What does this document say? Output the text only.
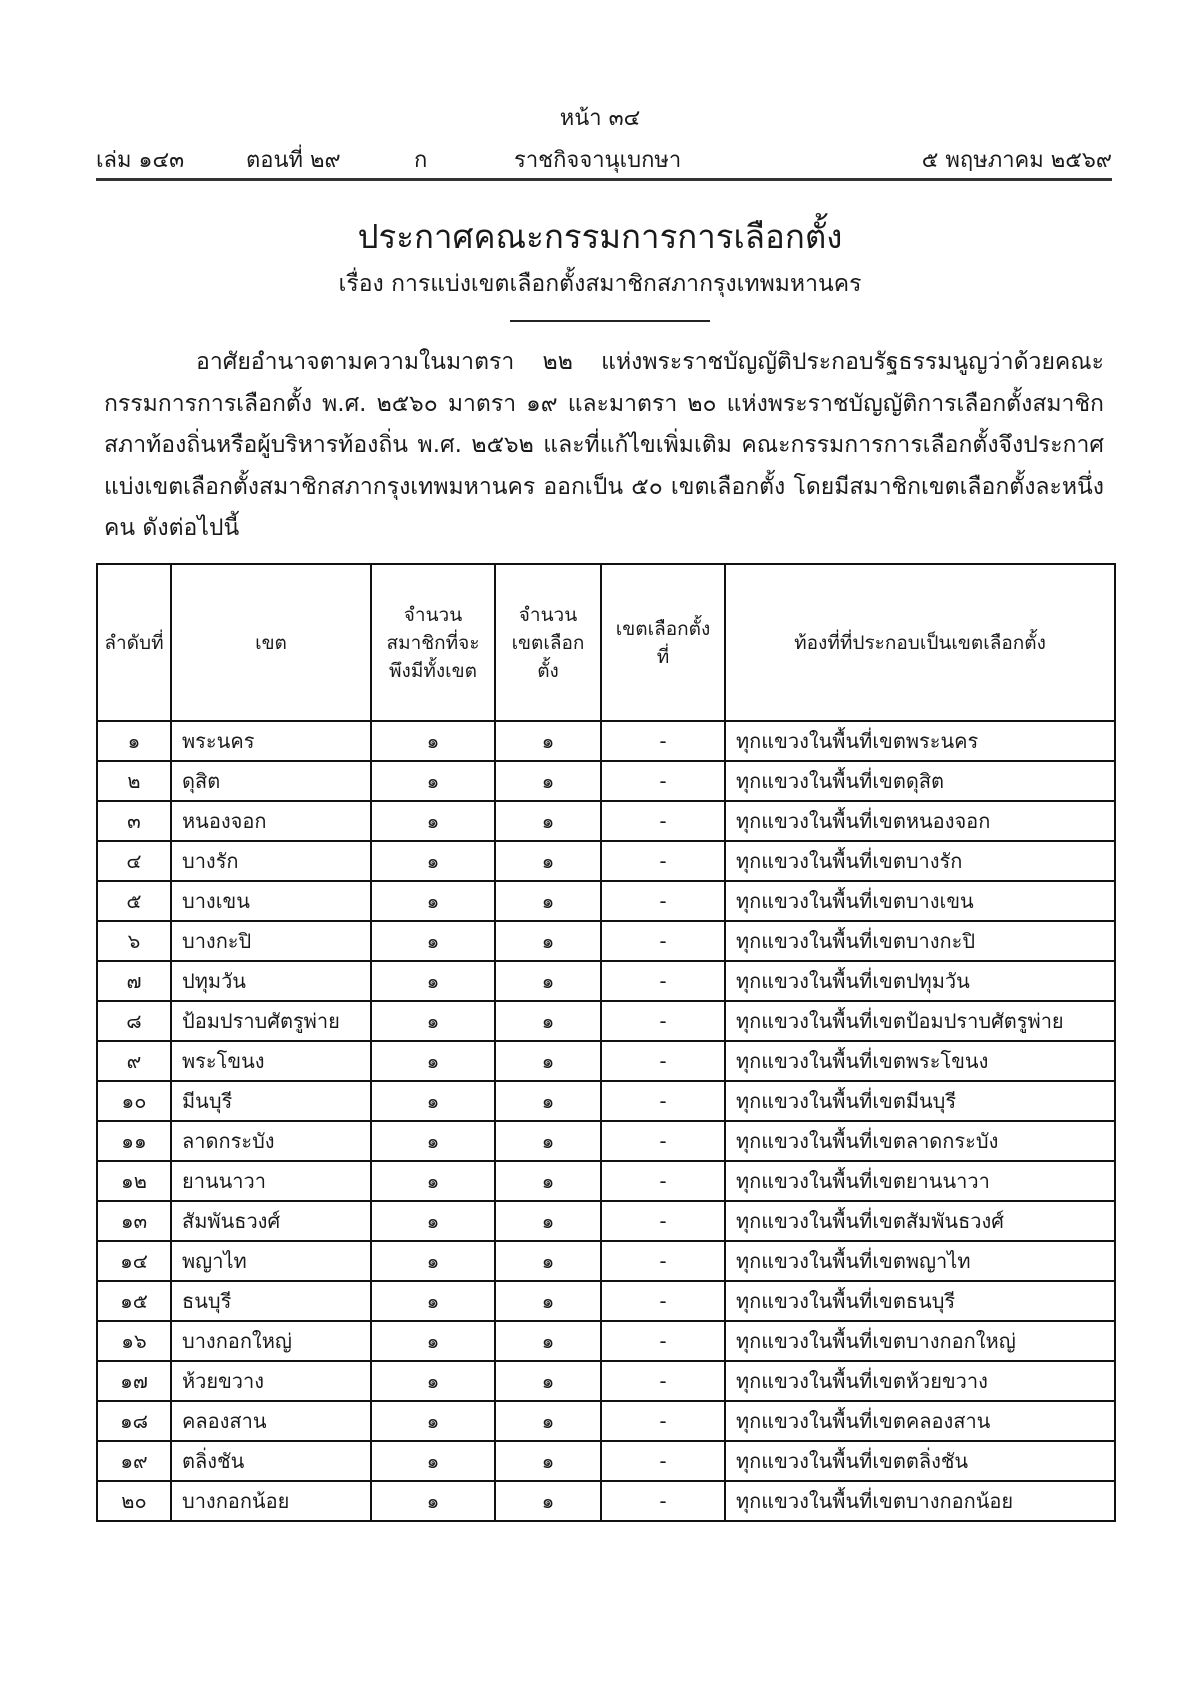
หน้า ๓๔
เล่ม ๑๔๓	ตอนที่ ๒๙	ก	ราชกิจจานุเบกษา	๕ พฤษภาคม ๒๕๖๙
ประกาศคณะกรรมการการเลือกตั้ง
เรื่อง การแบ่งเขตเลือกตั้งสมาชิกสภากรุงเทพมหานคร

อาศัยอำนาจตามความในมาตรา ๒๒ แห่งพระราชบัญญัติประกอบรัฐธรรมนูญว่าด้วยคณะกรรมการการเลือกตั้ง พ.ศ. ๒๕๖๐ มาตรา ๑๙ และมาตรา ๒๐ แห่งพระราชบัญญัติการเลือกตั้งสมาชิกสภาท้องถิ่นหรือผู้บริหารท้องถิ่น พ.ศ. ๒๕๖๒ และที่แก้ไขเพิ่มเติม คณะกรรมการการเลือกตั้งจึงประกาศแบ่งเขตเลือกตั้งสมาชิกสภากรุงเทพมหานคร ออกเป็น ๕๐ เขตเลือกตั้ง โดยมีสมาชิกเขตเลือกตั้งละหนึ่งคน ดังต่อไปนี้

ลำดับที่	เขต	จำนวนสมาชิกที่จะพึงมีทั้งเขต	จำนวนเขตเลือกตั้ง	เขตเลือกตั้งที่	ท้องที่ที่ประกอบเป็นเขตเลือกตั้ง
๑	พระนคร	๑	๑	-	ทุกแขวงในพื้นที่เขตพระนคร
๒	ดุสิต	๑	๑	-	ทุกแขวงในพื้นที่เขตดุสิต
๓	หนองจอก	๑	๑	-	ทุกแขวงในพื้นที่เขตหนองจอก
๔	บางรัก	๑	๑	-	ทุกแขวงในพื้นที่เขตบางรัก
๕	บางเขน	๑	๑	-	ทุกแขวงในพื้นที่เขตบางเขน
๖	บางกะปิ	๑	๑	-	ทุกแขวงในพื้นที่เขตบางกะปิ
๗	ปทุมวัน	๑	๑	-	ทุกแขวงในพื้นที่เขตปทุมวัน
๘	ป้อมปราบศัตรูพ่าย	๑	๑	-	ทุกแขวงในพื้นที่เขตป้อมปราบศัตรูพ่าย
๙	พระโขนง	๑	๑	-	ทุกแขวงในพื้นที่เขตพระโขนง
๑๐	มีนบุรี	๑	๑	-	ทุกแขวงในพื้นที่เขตมีนบุรี
๑๑	ลาดกระบัง	๑	๑	-	ทุกแขวงในพื้นที่เขตลาดกระบัง
๑๒	ยานนาวา	๑	๑	-	ทุกแขวงในพื้นที่เขตยานนาวา
๑๓	สัมพันธวงศ์	๑	๑	-	ทุกแขวงในพื้นที่เขตสัมพันธวงศ์
๑๔	พญาไท	๑	๑	-	ทุกแขวงในพื้นที่เขตพญาไท
๑๕	ธนบุรี	๑	๑	-	ทุกแขวงในพื้นที่เขตธนบุรี
๑๖	บางกอกใหญ่	๑	๑	-	ทุกแขวงในพื้นที่เขตบางกอกใหญ่
๑๗	ห้วยขวาง	๑	๑	-	ทุกแขวงในพื้นที่เขตห้วยขวาง
๑๘	คลองสาน	๑	๑	-	ทุกแขวงในพื้นที่เขตคลองสาน
๑๙	ตลิ่งชัน	๑	๑	-	ทุกแขวงในพื้นที่เขตตลิ่งชัน
๒๐	บางกอกน้อย	๑	๑	-	ทุกแขวงในพื้นที่เขตบางกอกน้อย
